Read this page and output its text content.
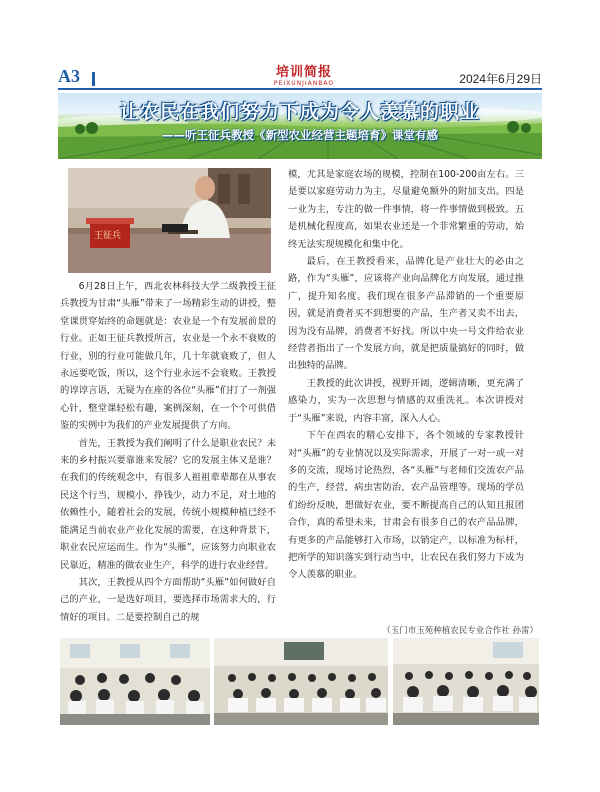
A3	培训简报
PEIXUNJIANBAO	2024年6月29日
让农民在我们努力下成为令人羡慕的职业
——听王征兵教授《新型农业经营主题培育》课堂有感
王征兵

6月28日上午，西北农林科技大学二级教授王征兵教授为甘肃“头雁”带来了一场精彩生动的讲授，整堂课贯穿始终的命题就是：农业是一个有发展前景的行业。正如王征兵教授所言，农业是一个永不衰败的行业，别的行业可能做几年，几十年就衰败了，但人永远要吃饭，所以，这个行业永远不会衰败。王教授的谆谆言语，无疑为在座的各位“头雁”们打了一剂强心针，整堂课轻松有趣，案例深刻，在一个个可供借鉴的实例中为我们的产业发展提供了方向。

首先，王教授为我们阐明了什么是职业农民？未来的乡村振兴要靠谁来发展？它的发展主体又是谁？在我们的传统观念中，有很多人祖祖辈辈都在从事农民这个行当，规模小，挣钱少，动力不足，对土地的依赖性小，随着社会的发展，传统小规模种植已经不能满足当前农业产业化发展的需要，在这种背景下，职业农民应运而生。作为“头雁”，应该努力向职业农民靠近，精准的做农业生产，科学的进行农业经营。

其次，王教授从四个方面帮助“头雁”如何做好自己的产业，一是选好项目，要选择市场需求大的，行情好的项目。二是要控制自己的规

模，尤其是家庭农场的规模，控制在100-200亩左右。三是要以家庭劳动力为主，尽量避免额外的附加支出。四是一业为主，专注的做一件事情，将一件事情做到极致。五是机械化程度高，如果农业还是一个非常繁重的劳动，始终无法实现规模化和集中化。

最后，在王教授看来，品牌化是产业壮大的必由之路，作为“头雁”，应该将产业向品牌化方向发展，通过推广，提升知名度。我们现在很多产品滞销的一个重要原因，就是消费者买不到想要的产品，生产者又卖不出去，因为没有品牌，消费者不好找。所以中央一号文件给农业经营者指出了一个发展方向，就是把质量搞好的同时，做出独特的品牌。

王教授的此次讲授，视野开阔，逻辑清晰，更充满了感染力，实为一次思想与情感的双重洗礼。本次讲授对于“头雁”来说，内容丰富，深入人心。

下午在西农的精心安排下，各个领域的专家教授针对“头雁”的专业情况以及实际需求，开展了一对一或一对多的交流，现场讨论热烈，各“头雁”与老师们交流农产品的生产，经营，病虫害防治，农产品管理等。现场的学员们纷纷反映，想做好农业，要不断提高自己的认知且报团合作，真的希望未来，甘肃会有很多自己的农产品品牌，有更多的产品能够打入市场，以销定产，以标准为标杆，把所学的知识落实到行动当中，让农民在我们努力下成为令人羡慕的职业。

（玉门市玉苑种植农民专业合作社 孙雷）
